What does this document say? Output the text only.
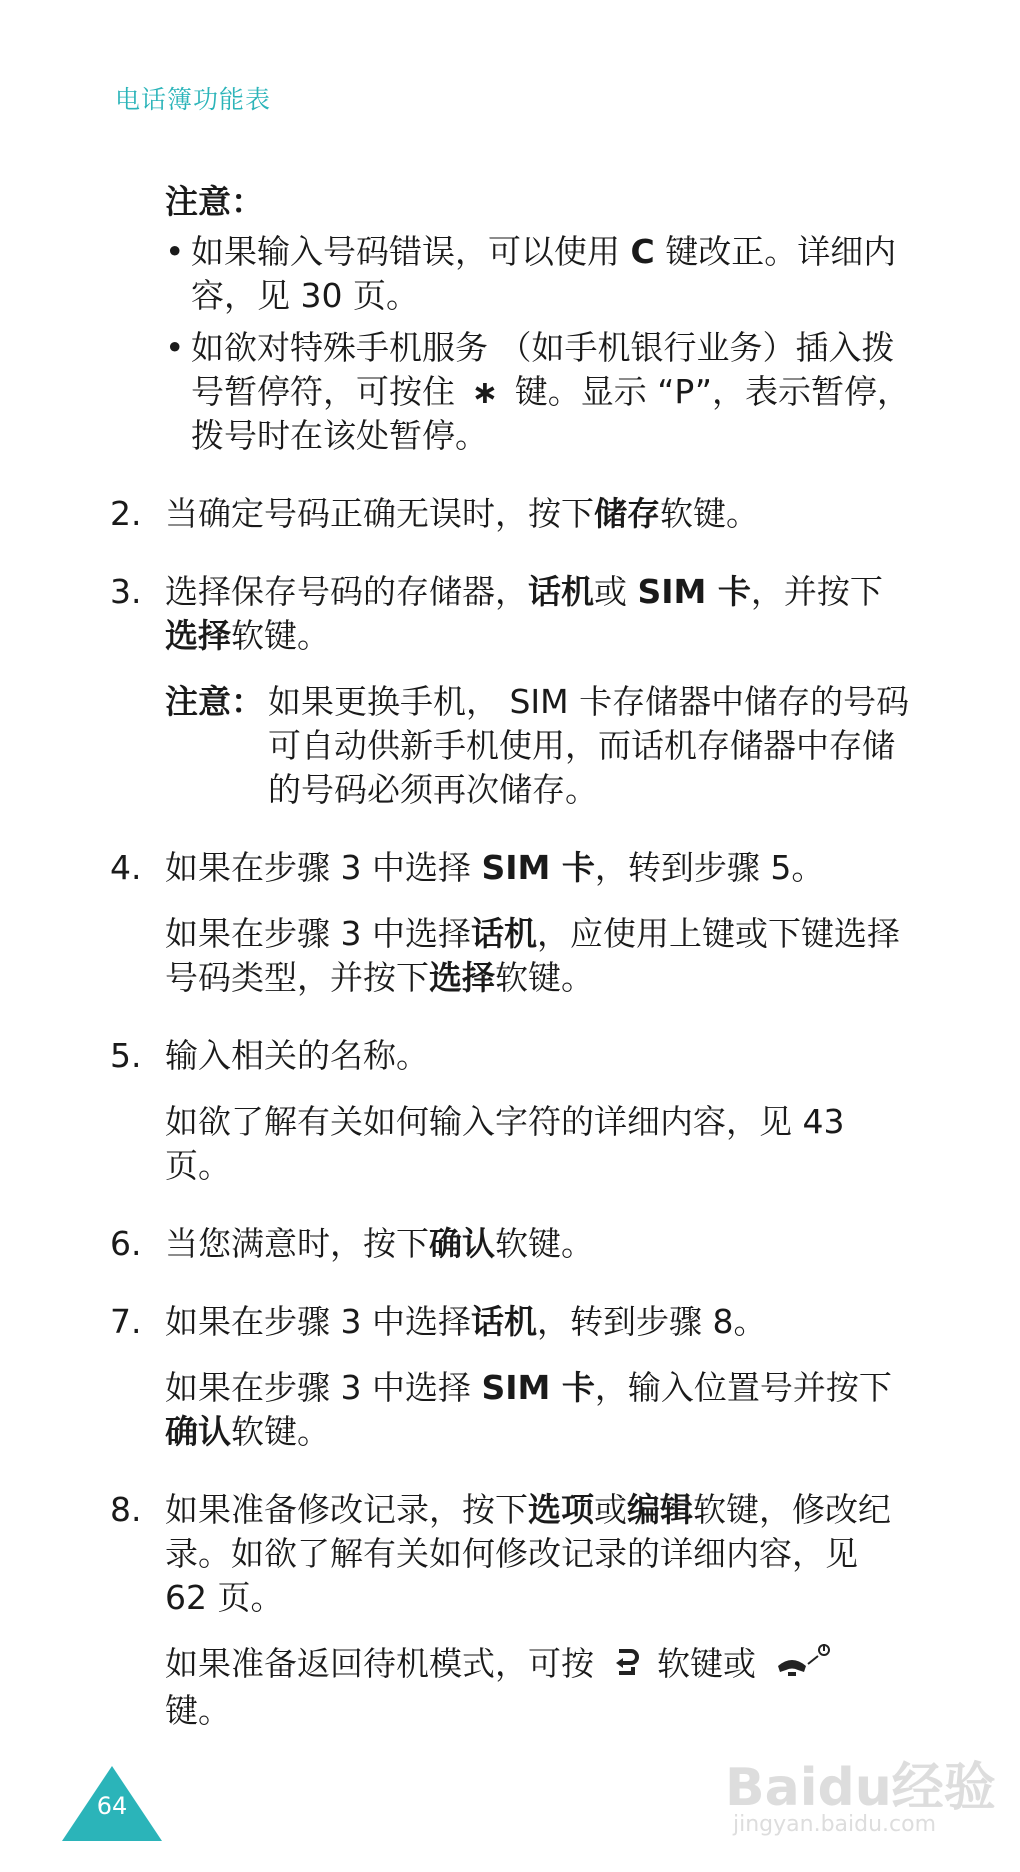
电话簿功能表
注意：
• 如果输入号码错误，可以使用 C 键改正。详细内容，见 30 页。
• 如欲对特殊手机服务 （如手机银行业务）插入拨号暂停符，可按住 ∗ 键。显示 “P”，表示暂停，拨号时在该处暂停。
2. 当确定号码正确无误时，按下储存软键。
3. 选择保存号码的存储器，话机或 SIM 卡，并按下选择软键。
注意： 如果更换手机， SIM 卡存储器中储存的号码可自动供新手机使用，而话机存储器中存储的号码必须再次储存。
4. 如果在步骤 3 中选择 SIM 卡，转到步骤 5。
如果在步骤 3 中选择话机，应使用上键或下键选择号码类型，并按下选择软键。
5. 输入相关的名称。
如欲了解有关如何输入字符的详细内容，见 43 页。
6. 当您满意时，按下确认软键。
7. 如果在步骤 3 中选择话机，转到步骤 8。
如果在步骤 3 中选择 SIM 卡，输入位置号并按下确认软键。
8. 如果准备修改记录，按下选项或编辑软键，修改纪录。如欲了解有关如何修改记录的详细内容，见 62 页。
如果准备返回待机模式，可按  软键或  键。
64	Baidu经验
jingyan.baidu.com
